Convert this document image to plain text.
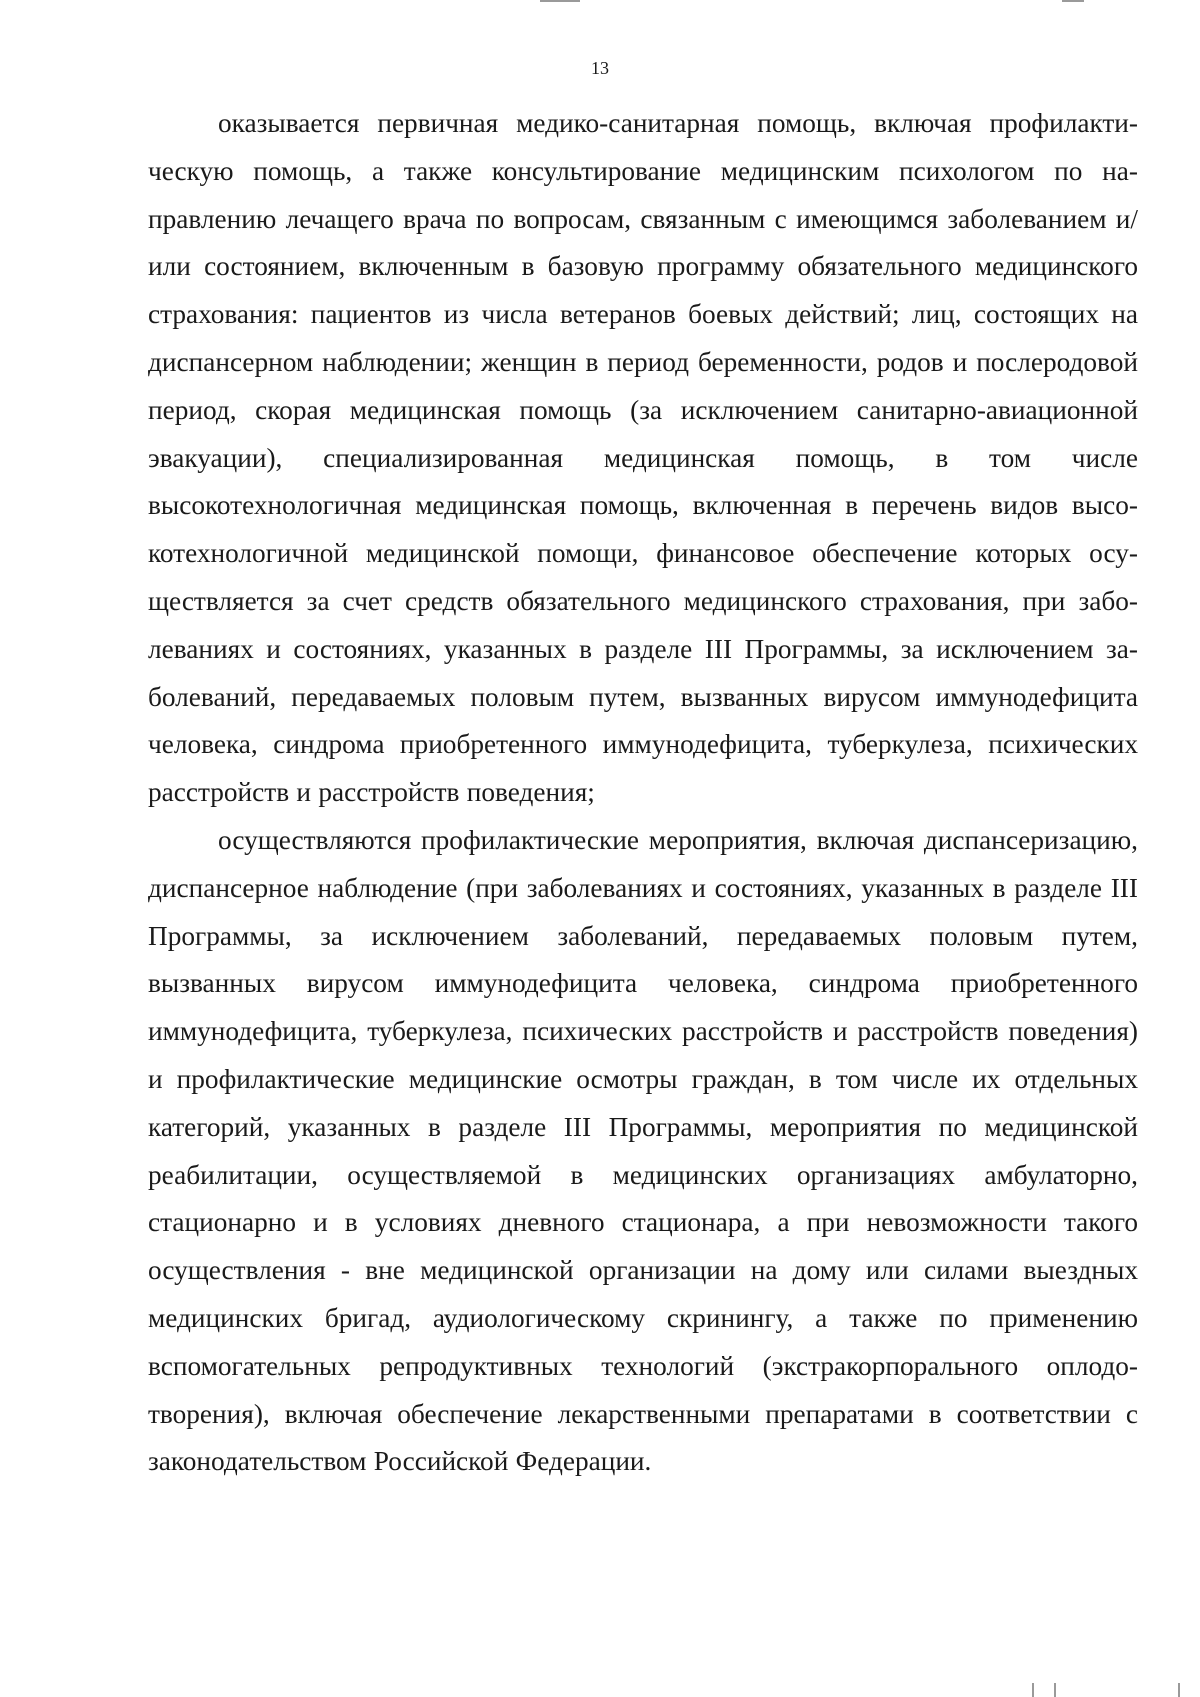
13

оказывается первичная медико-санитарная помощь, включая профилактическую помощь, а также консультирование медицинским психологом по направлению лечащего врача по вопросам, связанным с имеющимся заболеванием и/или состоянием, включенным в базовую программу обязательного медицинского страхования: пациентов из числа ветеранов боевых действий; лиц, состоящих на диспансерном наблюдении; женщин в период беременности, родов и послеродовой период, скорая медицинская помощь (за исключением санитарно-авиационной эвакуации), специализированная медицинская помощь, в том числе высокотехнологичная медицинская помощь, включенная в перечень видов высокотехнологичной медицинской помощи, финансовое обеспечение которых осуществляется за счет средств обязательного медицинского страхования, при заболеваниях и состояниях, указанных в разделе III Программы, за исключением заболеваний, передаваемых половым путем, вызванных вирусом иммунодефицита человека, синдрома приобретенного иммунодефицита, туберкулеза, психических расстройств и расстройств поведения;

осуществляются профилактические мероприятия, включая диспансеризацию, диспансерное наблюдение (при заболеваниях и состояниях, указанных в разделе III Программы, за исключением заболеваний, передаваемых половым путем, вызванных вирусом иммунодефицита человека, синдрома приобретенного иммунодефицита, туберкулеза, психических расстройств и расстройств поведения) и профилактические медицинские осмотры граждан, в том числе их отдельных категорий, указанных в разделе III Программы, мероприятия по медицинской реабилитации, осуществляемой в медицинских организациях амбулаторно, стационарно и в условиях дневного стационара, а при невозможности такого осуществления - вне медицинской организации на дому или силами выездных медицинских бригад, аудиологическому скринингу, а также по применению вспомогательных репродуктивных технологий (экстракорпорального оплодотворения), включая обеспечение лекарственными препаратами в соответствии с законодательством Российской Федерации.
